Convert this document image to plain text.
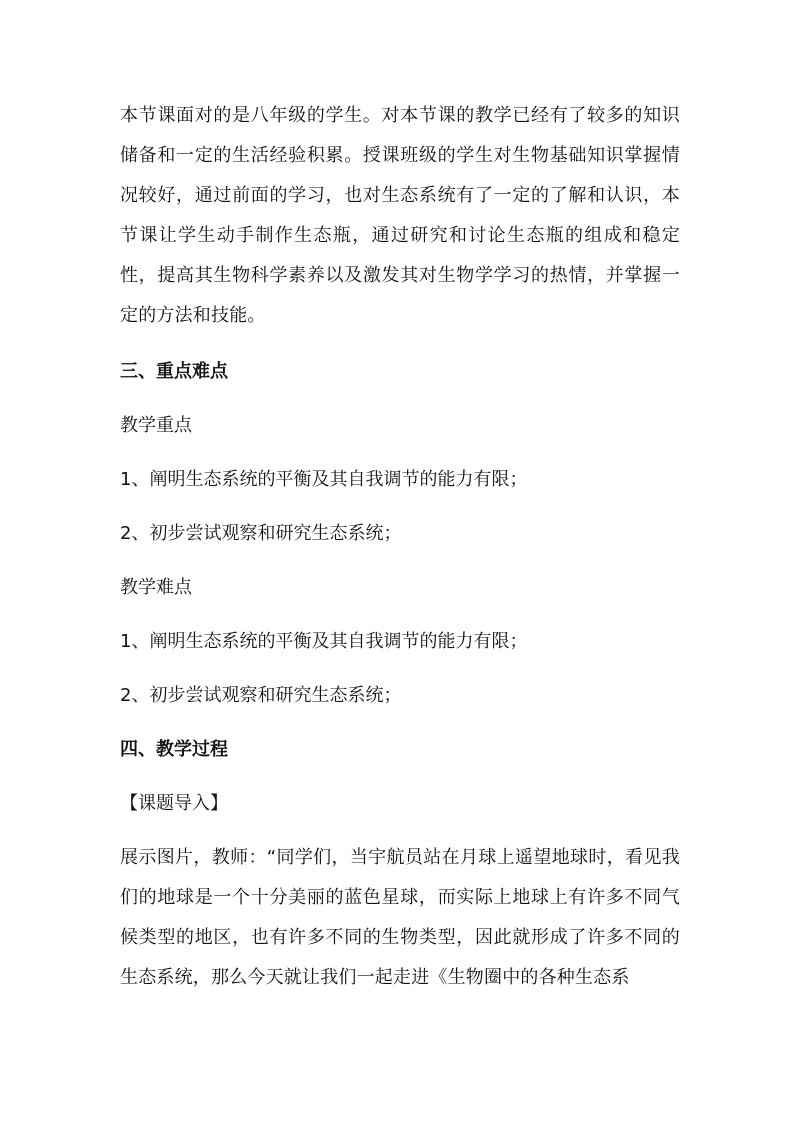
本节课面对的是八年级的学生。对本节课的教学已经有了较多的知识储备和一定的生活经验积累。授课班级的学生对生物基础知识掌握情况较好，通过前面的学习，也对生态系统有了一定的了解和认识，本节课让学生动手制作生态瓶，通过研究和讨论生态瓶的组成和稳定性，提高其生物科学素养以及激发其对生物学学习的热情，并掌握一定的方法和技能。

三、重点难点
教学重点
1、阐明生态系统的平衡及其自我调节的能力有限；
2、初步尝试观察和研究生态系统；
教学难点
1、阐明生态系统的平衡及其自我调节的能力有限；
2、初步尝试观察和研究生态系统；
四、教学过程
【课题导入】

展示图片，教师：“同学们，当宇航员站在月球上遥望地球时，看见我们的地球是一个十分美丽的蓝色星球，而实际上地球上有许多不同气候类型的地区，也有许多不同的生物类型，因此就形成了许多不同的生态系统，那么今天就让我们一起走进《生物圈中的各种生态系
